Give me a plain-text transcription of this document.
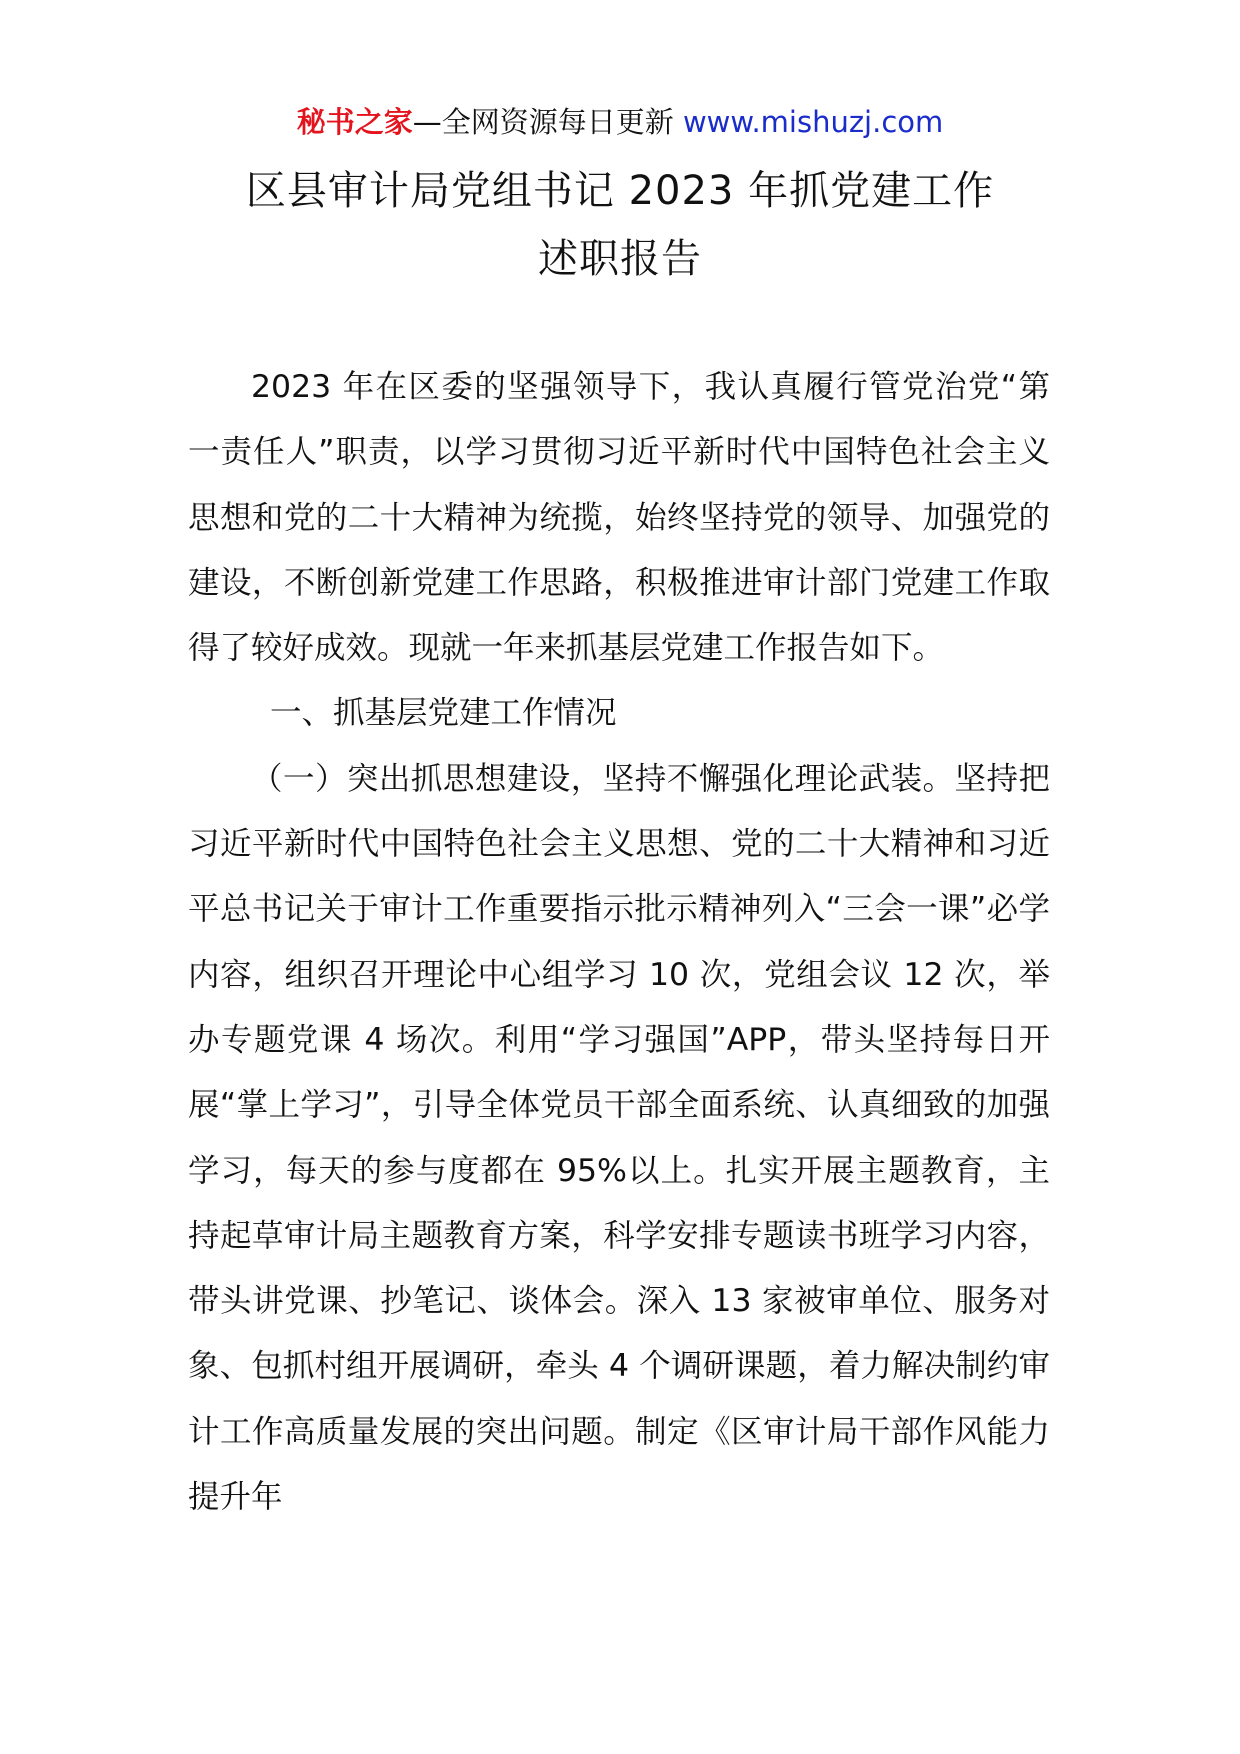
秘书之家—全网资源每日更新 www.mishuzj.com
区县审计局党组书记 2023 年抓党建工作
述职报告

2023 年在区委的坚强领导下，我认真履行管党治党“第一责任人”职责，以学习贯彻习近平新时代中国特色社会主义思想和党的二十大精神为统揽，始终坚持党的领导、加强党的建设，不断创新党建工作思路，积极推进审计部门党建工作取得了较好成效。现就一年来抓基层党建工作报告如下。

一、抓基层党建工作情况

（一）突出抓思想建设，坚持不懈强化理论武装。坚持把习近平新时代中国特色社会主义思想、党的二十大精神和习近平总书记关于审计工作重要指示批示精神列入“三会一课”必学内容，组织召开理论中心组学习 10 次，党组会议 12 次，举办专题党课 4 场次。利用“学习强国”APP，带头坚持每日开展“掌上学习”，引导全体党员干部全面系统、认真细致的加强学习，每天的参与度都在 95%以上。扎实开展主题教育，主持起草审计局主题教育方案，科学安排专题读书班学习内容，带头讲党课、抄笔记、谈体会。深入 13 家被审单位、服务对象、包抓村组开展调研，牵头 4 个调研课题，着力解决制约审计工作高质量发展的突出问题。制定《区审计局干部作风能力提升年
